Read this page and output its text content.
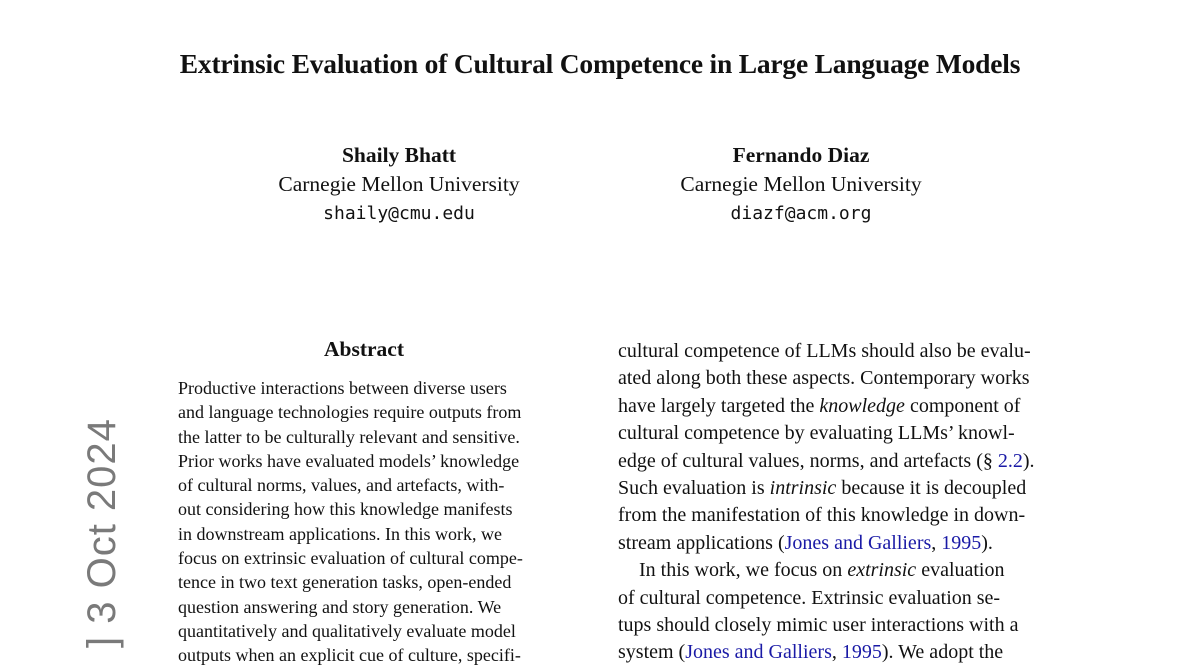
Extrinsic Evaluation of Cultural Competence in Large Language Models
Shaily Bhatt
Carnegie Mellon University
shaily@cmu.edu
Fernando Diaz
Carnegie Mellon University
diazf@acm.org
] 3 Oct 2024
Abstract
Productive interactions between diverse users
and language technologies require outputs from
the latter to be culturally relevant and sensitive.
Prior works have evaluated models’ knowledge
of cultural norms, values, and artefacts, with-
out considering how this knowledge manifests
in downstream applications. In this work, we
focus on extrinsic evaluation of cultural compe-
tence in two text generation tasks, open-ended
question answering and story generation. We
quantitatively and qualitatively evaluate model
outputs when an explicit cue of culture, specifi-
cultural competence of LLMs should also be evalu-
ated along both these aspects. Contemporary works
have largely targeted the knowledge component of
cultural competence by evaluating LLMs’ knowl-
edge of cultural values, norms, and artefacts (§ 2.2).
Such evaluation is intrinsic because it is decoupled
from the manifestation of this knowledge in down-
stream applications (Jones and Galliers, 1995).
In this work, we focus on extrinsic evaluation
of cultural competence. Extrinsic evaluation se-
tups should closely mimic user interactions with a
system (Jones and Galliers, 1995). We adopt the
